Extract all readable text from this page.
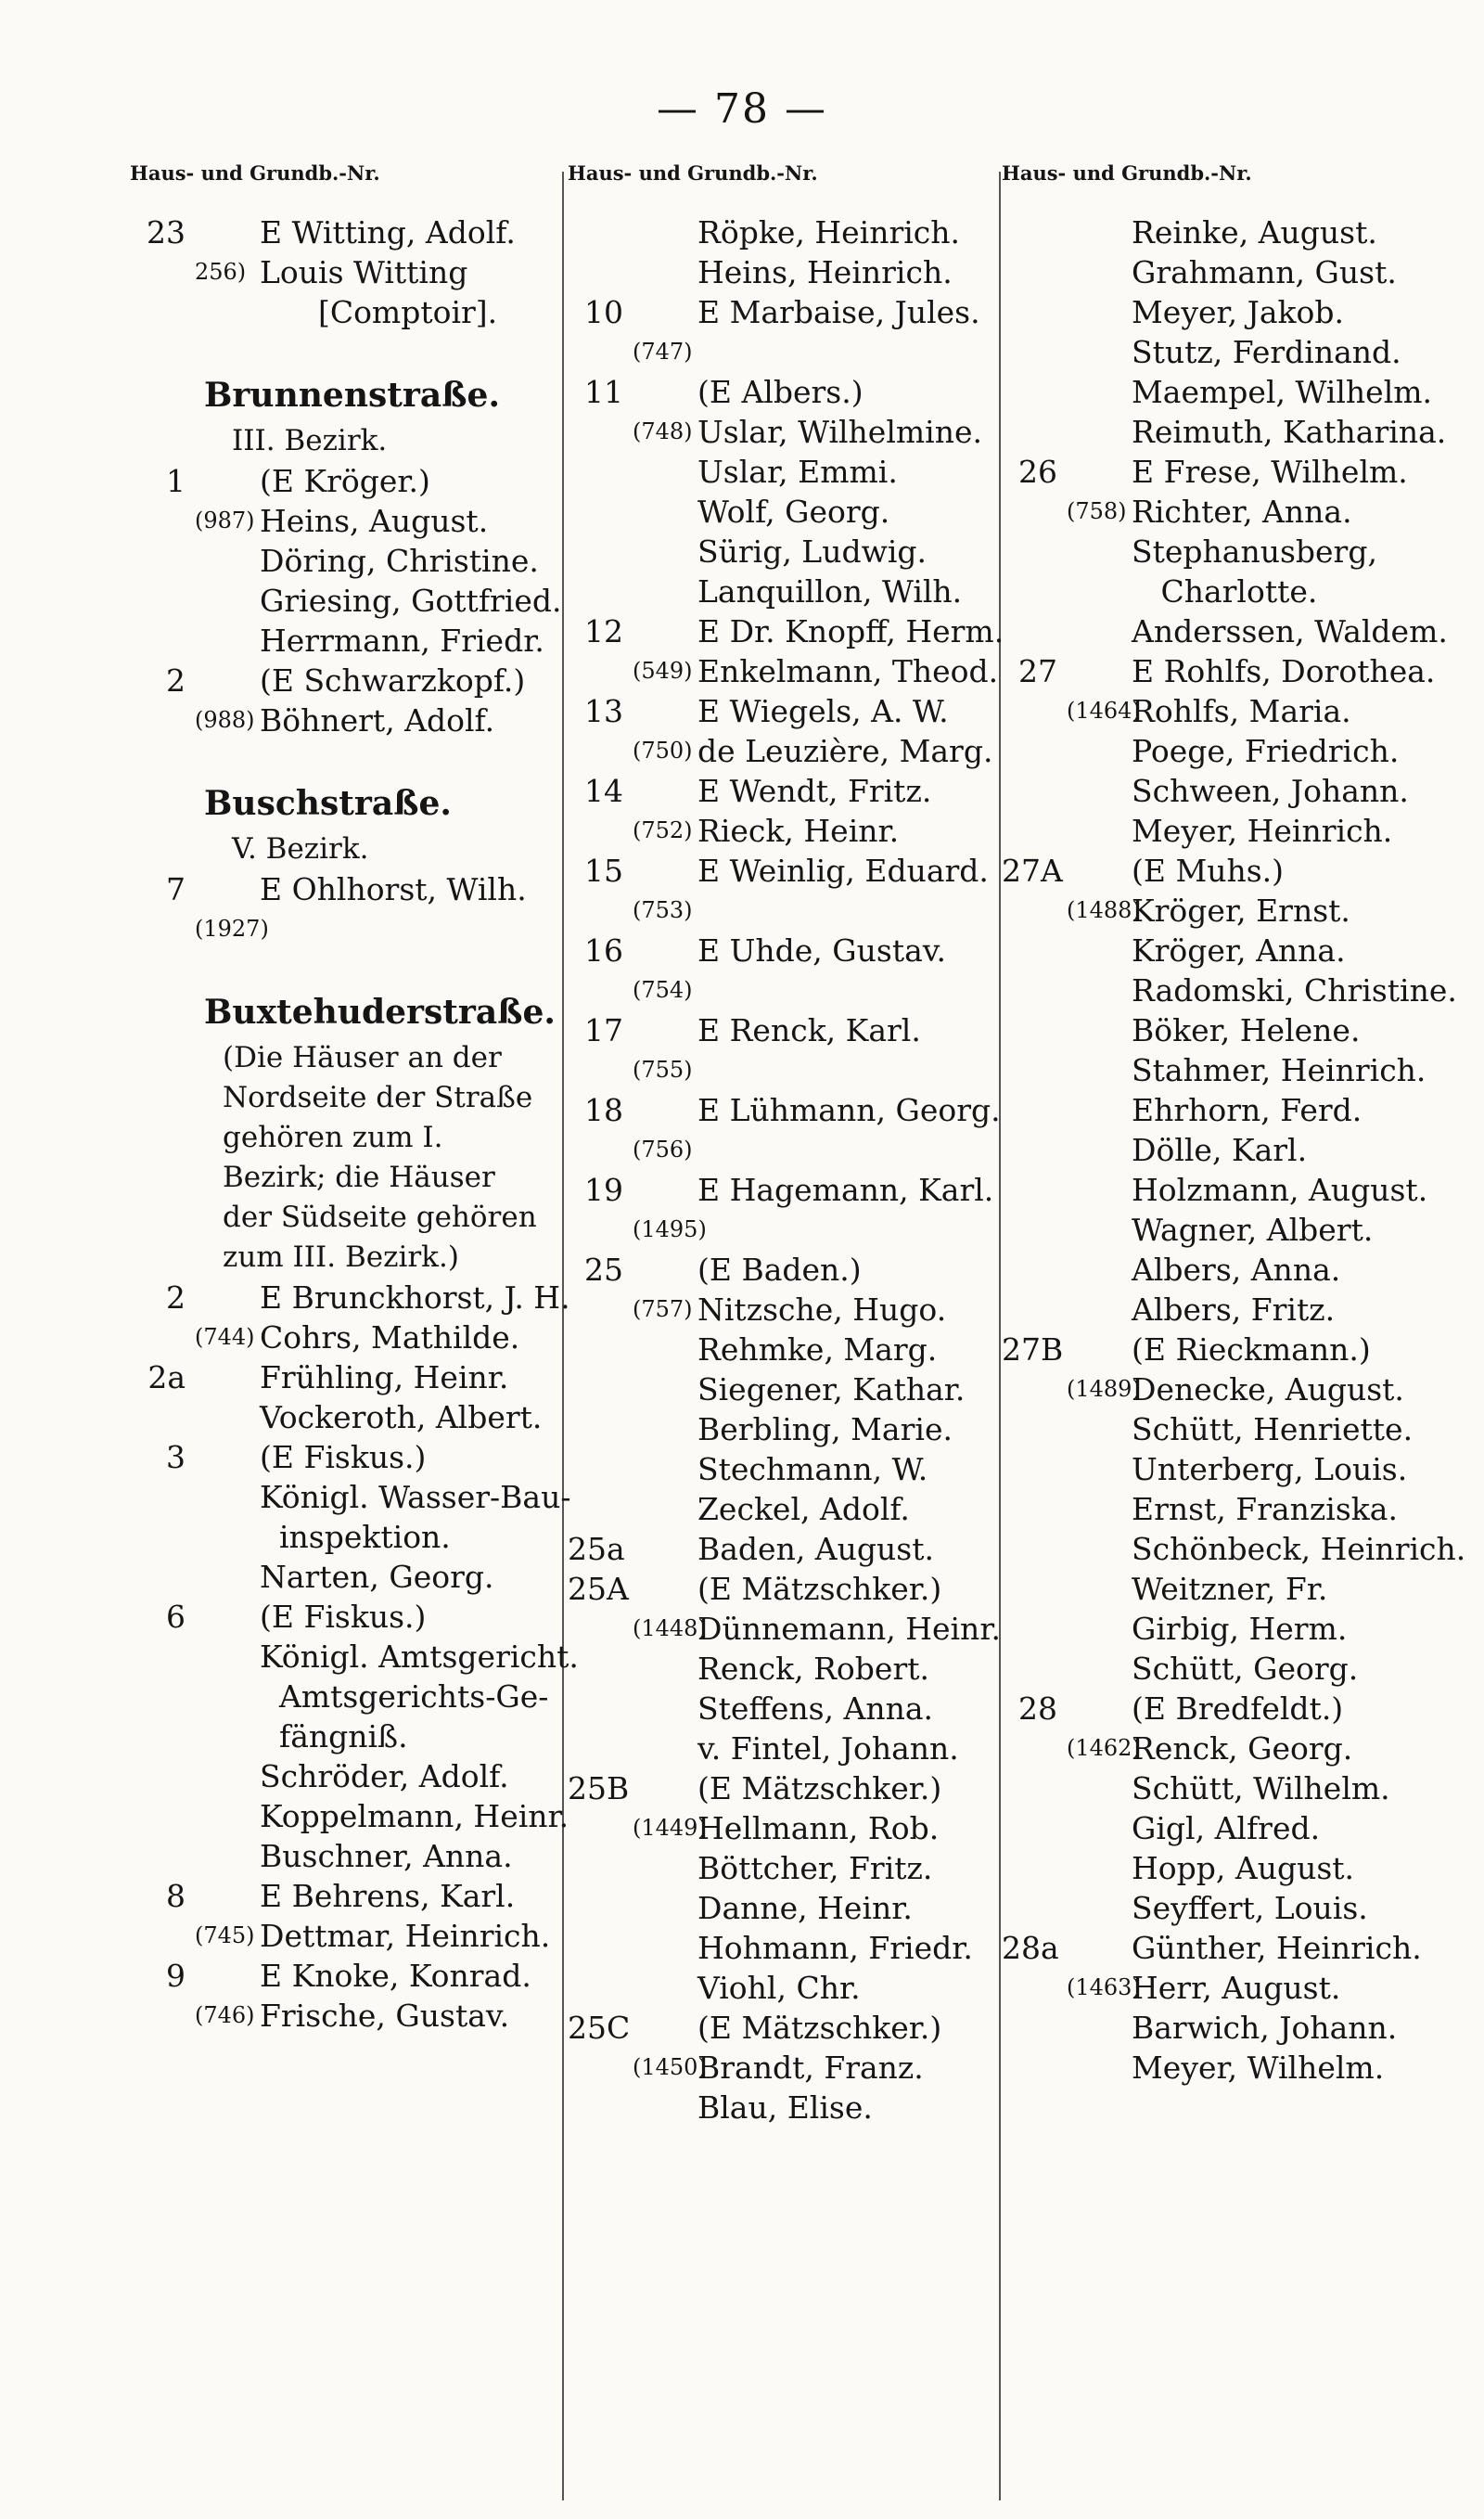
— 78 —
Haus- und Grundb.-Nr.
23	E Witting, Adolf.
256) Louis Witting
[Comptoir].
Brunnenstraße.
III. Bezirk.
1	(E Kröger.)
(987) Heins, August.
Döring, Christine.
Griesing, Gottfried.
Herrmann, Friedr.
2	(E Schwarzkopf.)
(988) Böhnert, Adolf.
Buschstraße.
V. Bezirk.
7	E Ohlhorst, Wilh.
(1927)
Buxtehuderstraße.
(Die Häuser an der Nordseite der Straße gehören zum I. Bezirk; die Häuser der Südseite gehören zum III. Bezirk.)
2	E Brunckhorst, J. H.
(744) Cohrs, Mathilde.
2a	Frühling, Heinr.
Vockeroth, Albert.
3	(E Fiskus.)
Königl. Wasser-Bau-
inspektion.
Narten, Georg.
6	(E Fiskus.)
Königl. Amtsgericht.
Amtsgerichts-Ge-
fängniß.
Schröder, Adolf.
Koppelmann, Heinr.
Buschner, Anna.
8	E Behrens, Karl.
(745) Dettmar, Heinrich.
9	E Knoke, Konrad.
(746) Frische, Gustav.
Haus- und Grundb.-Nr.
Röpke, Heinrich.
Heins, Heinrich.
10	E Marbaise, Jules.
(747)
11	(E Albers.)
(748) Uslar, Wilhelmine.
Uslar, Emmi.
Wolf, Georg.
Sürig, Ludwig.
Lanquillon, Wilh.
12	E Dr. Knopff, Herm.
(549) Enkelmann, Theod.
13	E Wiegels, A. W.
(750) de Leuzière, Marg.
14	E Wendt, Fritz.
(752) Rieck, Heinr.
15	E Weinlig, Eduard.
(753)
16	E Uhde, Gustav.
(754)
17	E Renck, Karl.
(755)
18	E Lühmann, Georg.
(756)
19	E Hagemann, Karl.
(1495)
25	(E Baden.)
(757) Nitzsche, Hugo.
Rehmke, Marg.
Siegener, Kathar.
Berbling, Marie.
Stechmann, W.
Zeckel, Adolf.
25a Baden, August.
25A (E Mätzschker.)
(1448)
Dünnemann, Heinr.
Renck, Robert.
Steffens, Anna.
v. Fintel, Johann.
25B (E Mätzschker.)
(1449)
Hellmann, Rob.
Böttcher, Fritz.
Danne, Heinr.
Hohmann, Friedr.
Viohl, Chr.
25C (E Mätzschker.)
(1450)
Brandt, Franz.
Blau, Elise.
Haus- und Grundb.-Nr.
Reinke, August.
Grahmann, Gust.
Meyer, Jakob.
Stutz, Ferdinand.
Maempel, Wilhelm.
Reimuth, Katharina.
26	E Frese, Wilhelm.
(758) Richter, Anna.
Stephanusberg,
Charlotte.
Anderssen, Waldem.
27	E Rohlfs, Dorothea.
(1464)
Rohlfs, Maria.
Poege, Friedrich.
Schween, Johann.
Meyer, Heinrich.
27A (E Muhs.)
(1488)
Kröger, Ernst.
Kröger, Anna.
Radomski, Christine.
Böker, Helene.
Stahmer, Heinrich.
Ehrhorn, Ferd.
Dölle, Karl.
Holzmann, August.
Wagner, Albert.
Albers, Anna.
Albers, Fritz.
27B (E Rieckmann.)
(1489)
Denecke, August.
Schütt, Henriette.
Unterberg, Louis.
Ernst, Franziska.
Schönbeck, Heinrich.
Weitzner, Fr.
Girbig, Herm.
Schütt, Georg.
28	(E Bredfeldt.)
(1462)
Renck, Georg.
Schütt, Wilhelm.
Gigl, Alfred.
Hopp, August.
Seyffert, Louis.
28a Günther, Heinrich.
(1463)
Herr, August.
Barwich, Johann.
Meyer, Wilhelm.
